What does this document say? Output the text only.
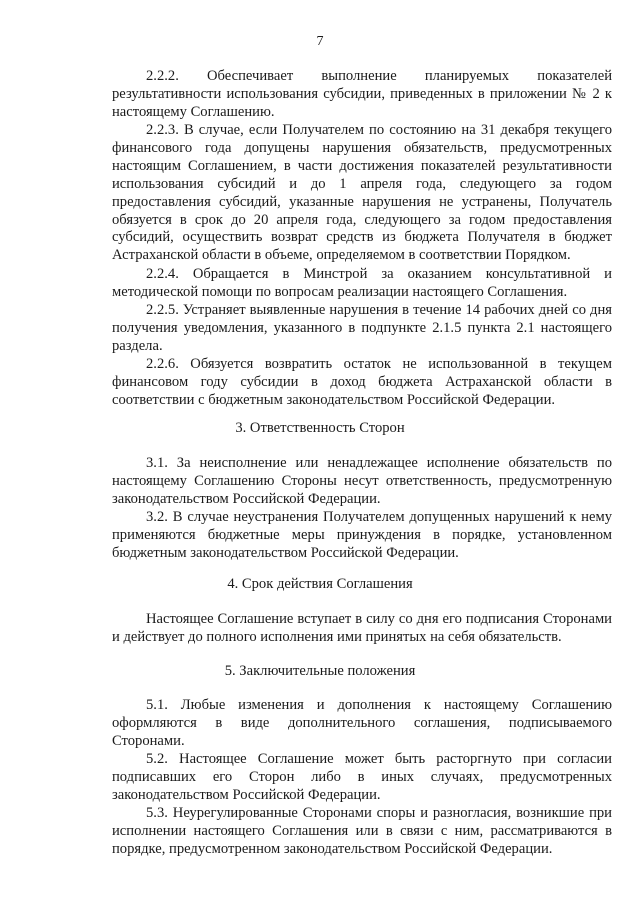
7

2.2.2. Обеспечивает выполнение планируемых показателей результативности использования субсидии, приведенных в приложении № 2 к настоящему Соглашению.

2.2.3. В случае, если Получателем по состоянию на 31 декабря текущего финансового года допущены нарушения обязательств, предусмотренных настоящим Соглашением, в части достижения показателей результативности использования субсидий и до 1 апреля года, следующего за годом предоставления субсидий, указанные нарушения не устранены, Получатель обязуется в срок до 20 апреля года, следующего за годом предоставления субсидий, осуществить возврат средств из бюджета Получателя в бюджет Астраханской области в объеме, определяемом в соответствии Порядком.

2.2.4. Обращается в Минстрой за оказанием консультативной и методической помощи по вопросам реализации настоящего Соглашения.

2.2.5. Устраняет выявленные нарушения в течение 14 рабочих дней со дня получения уведомления, указанного в подпункте 2.1.5 пункта 2.1 настоящего раздела.

2.2.6. Обязуется возвратить остаток не использованной в текущем финансовом году субсидии в доход бюджета Астраханской области в соответствии с бюджетным законодательством Российской Федерации.

3. Ответственность Сторон

3.1. За неисполнение или ненадлежащее исполнение обязательств по настоящему Соглашению Стороны несут ответственность, предусмотренную законодательством Российской Федерации.

3.2. В случае неустранения Получателем допущенных нарушений к нему применяются бюджетные меры принуждения в порядке, установленном бюджетным законодательством Российской Федерации.

4. Срок действия Соглашения

Настоящее Соглашение вступает в силу со дня его подписания Сторонами и действует до полного исполнения ими принятых на себя обязательств.

5. Заключительные положения

5.1. Любые изменения и дополнения к настоящему Соглашению оформляются в виде дополнительного соглашения, подписываемого Сторонами.

5.2. Настоящее Соглашение может быть расторгнуто при согласии подписавших его Сторон либо в иных случаях, предусмотренных законодательством Российской Федерации.

5.3. Неурегулированные Сторонами споры и разногласия, возникшие при исполнении настоящего Соглашения или в связи с ним, рассматриваются в порядке, предусмотренном законодательством Российской Федерации.
